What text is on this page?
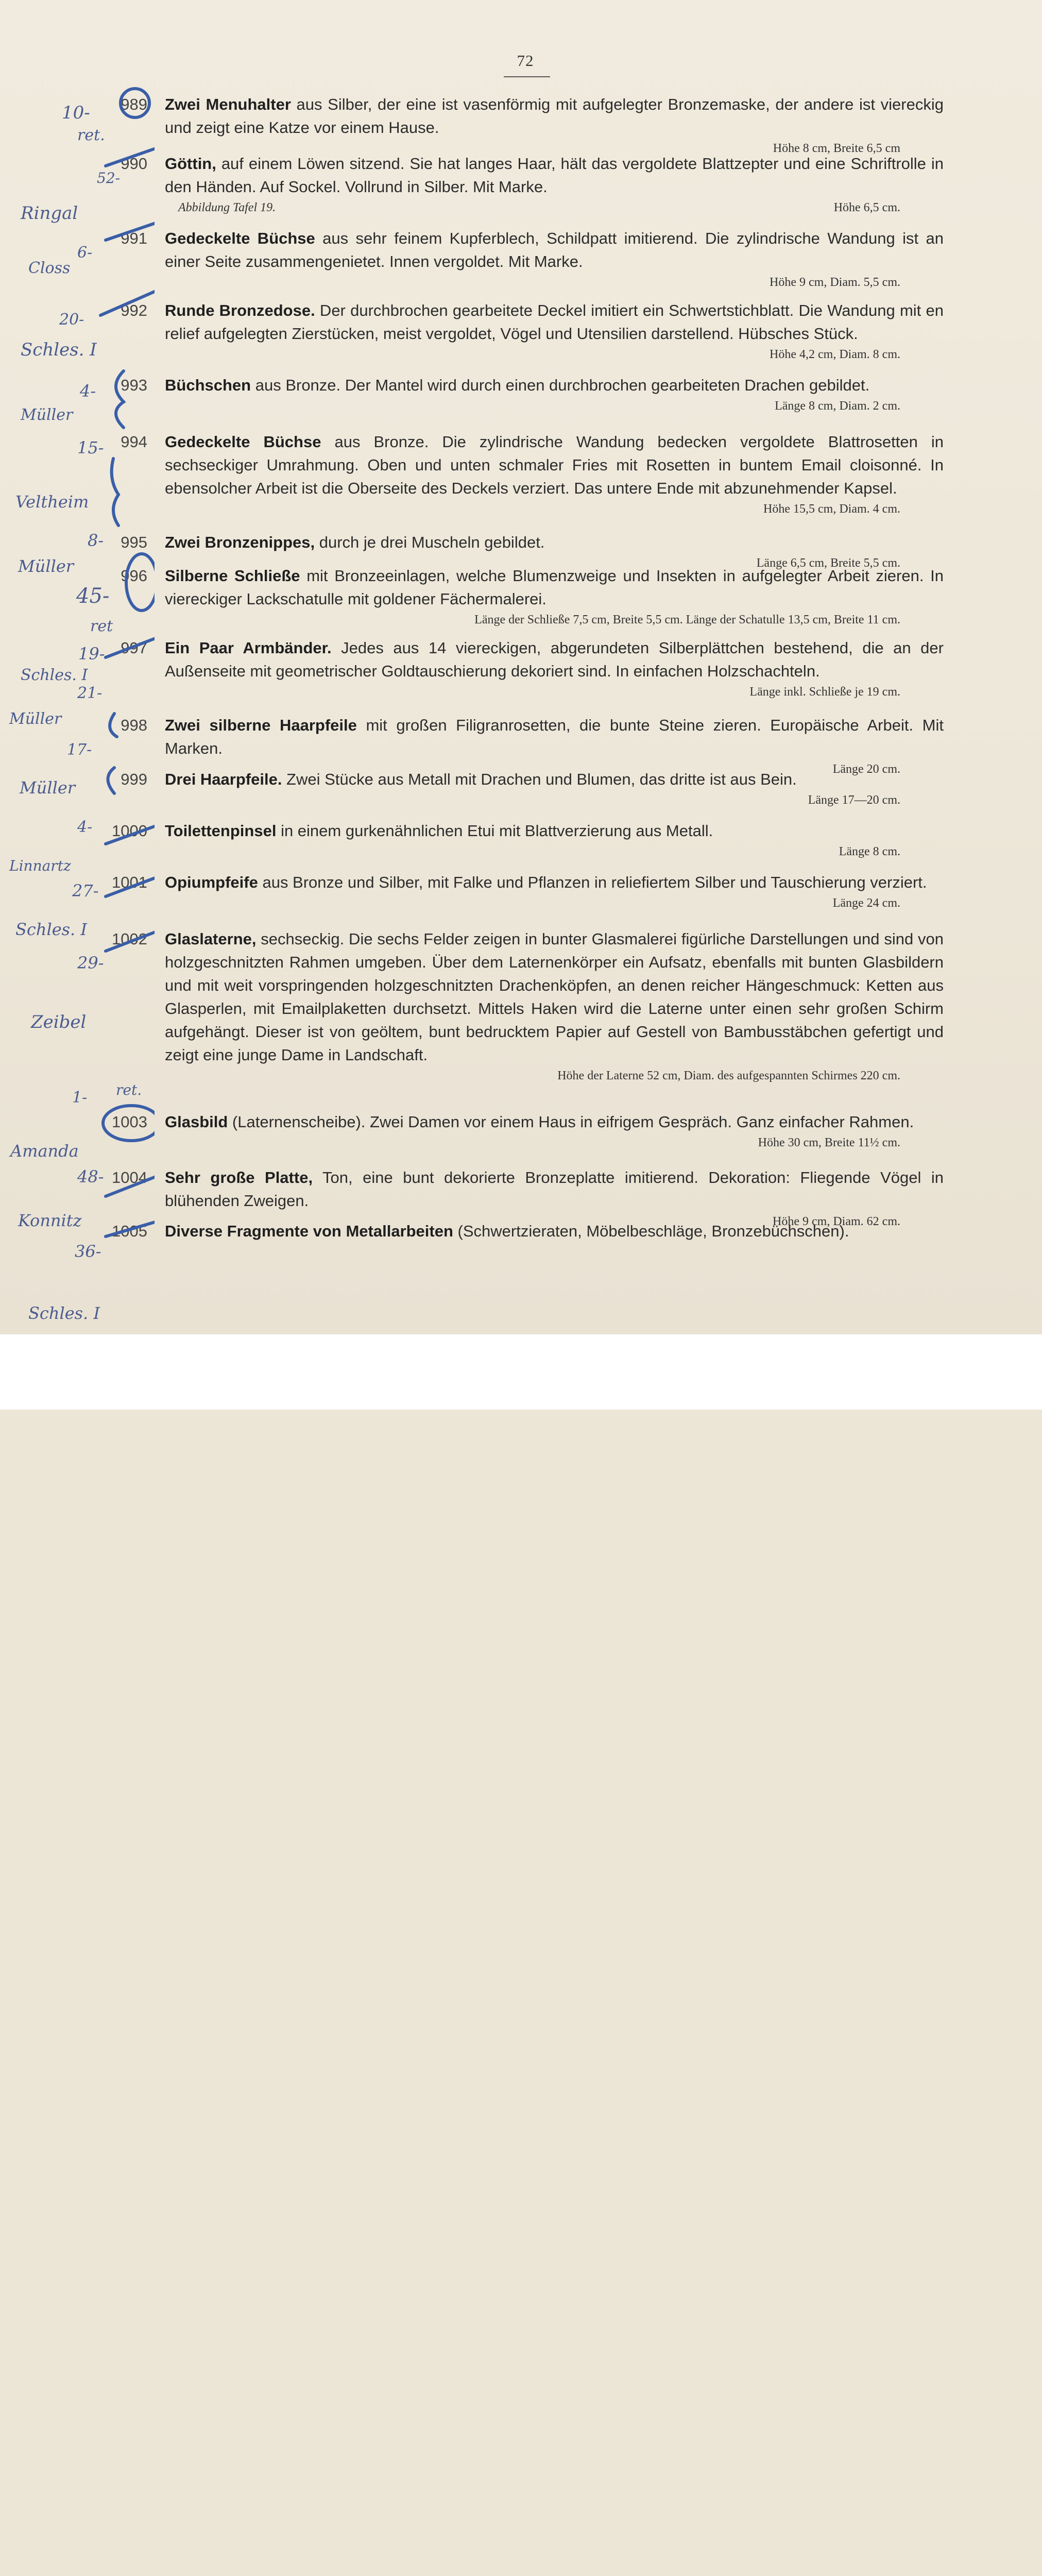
72
989 Zwei Menuhalter aus Silber, der eine ist vasenförmig mit aufgelegter Bronzemaske, der andere ist viereckig und zeigt eine Katze vor einem Hause.
Höhe 8 cm, Breite 6,5 cm
990 Göttin, auf einem Löwen sitzend. Sie hat langes Haar, hält das vergoldete Blattzepter und eine Schriftrolle in den Händen. Auf Sockel. Vollrund in Silber. Mit Marke.
Abbildung Tafel 19.	Höhe 6,5 cm.
991 Gedeckelte Büchse aus sehr feinem Kupferblech, Schildpatt imitierend. Die zylindrische Wandung ist an einer Seite zusammengenietet. Innen vergoldet. Mit Marke.
Höhe 9 cm, Diam. 5,5 cm.
992 Runde Bronzedose. Der durchbrochen gearbeitete Deckel imitiert ein Schwertstichblatt. Die Wandung mit en relief aufgelegten Zierstücken, meist vergoldet, Vögel und Utensilien darstellend. Hübsches Stück.
Höhe 4,2 cm, Diam. 8 cm.
993 Büchschen aus Bronze. Der Mantel wird durch einen durchbrochen gearbeiteten Drachen gebildet.
Länge 8 cm, Diam. 2 cm.
994 Gedeckelte Büchse aus Bronze. Die zylindrische Wandung bedecken vergoldete Blattrosetten in sechseckiger Umrahmung. Oben und unten schmaler Fries mit Rosetten in buntem Email cloisonné. In ebensolcher Arbeit ist die Oberseite des Deckels verziert. Das untere Ende mit abzunehmender Kapsel.
Höhe 15,5 cm, Diam. 4 cm.
995 Zwei Bronzenippes, durch je drei Muscheln gebildet.
Länge 6,5 cm, Breite 5,5 cm.
996 Silberne Schließe mit Bronzeeinlagen, welche Blumenzweige und Insekten in aufgelegter Arbeit zieren. In viereckiger Lackschatulle mit goldener Fächermalerei.
Länge der Schließe 7,5 cm, Breite 5,5 cm. Länge der Schatulle 13,5 cm, Breite 11 cm.
997 Ein Paar Armbänder. Jedes aus 14 viereckigen, abgerundeten Silberplättchen bestehend, die an der Außenseite mit geometrischer Goldtauschierung dekoriert sind. In einfachen Holzschachteln.
Länge inkl. Schließe je 19 cm.
998 Zwei silberne Haarpfeile mit großen Filigranrosetten, die bunte Steine zieren. Europäische Arbeit. Mit Marken.
Länge 20 cm.
999 Drei Haarpfeile. Zwei Stücke aus Metall mit Drachen und Blumen, das dritte ist aus Bein.
Länge 17—20 cm.
1000 Toilettenpinsel in einem gurkenähnlichen Etui mit Blattverzierung aus Metall.
Länge 8 cm.
1001 Opiumpfeife aus Bronze und Silber, mit Falke und Pflanzen in reliefiertem Silber und Tauschierung verziert.
Länge 24 cm.
1002 Glaslaterne, sechseckig. Die sechs Felder zeigen in bunter Glasmalerei figürliche Darstellungen und sind von holzgeschnitzten Rahmen umgeben. Über dem Laternenkörper ein Aufsatz, ebenfalls mit bunten Glasbildern und mit weit vorspringenden holzgeschnitzten Drachenköpfen, an denen reicher Hängeschmuck: Ketten aus Glasperlen, mit Emailplaketten durchsetzt. Mittels Haken wird die Laterne unter einen sehr großen Schirm aufgehängt. Dieser ist von geöltem, bunt bedrucktem Papier auf Gestell von Bambusstäbchen gefertigt und zeigt eine junge Dame in Landschaft.
Höhe der Laterne 52 cm, Diam. des aufgespannten Schirmes 220 cm.
1003 Glasbild (Laternenscheibe). Zwei Damen vor einem Haus in eifrigem Gespräch. Ganz einfacher Rahmen.
Höhe 30 cm, Breite 11½ cm.
1004 Sehr große Platte, Ton, eine bunt dekorierte Bronzeplatte imitierend. Dekoration: Fliegende Vögel in blühenden Zweigen.
Höhe 9 cm, Diam. 62 cm.
1005 Diverse Fragmente von Metallarbeiten (Schwertzieraten, Möbelbeschläge, Bronzebüchschen).
10-
ret.
52-
Ringal
6-
Closs
20-
Schles. I
4-
Müller
15-
Veltheim
8-
Müller
45-
ret
19-
Schles. I
21-
Müller
17-
Müller
4-
Linnartz
27-
Schles. I
29-
Zeibel
1- ret.
Amanda
48-
Konnitz
36-
Schles. I
